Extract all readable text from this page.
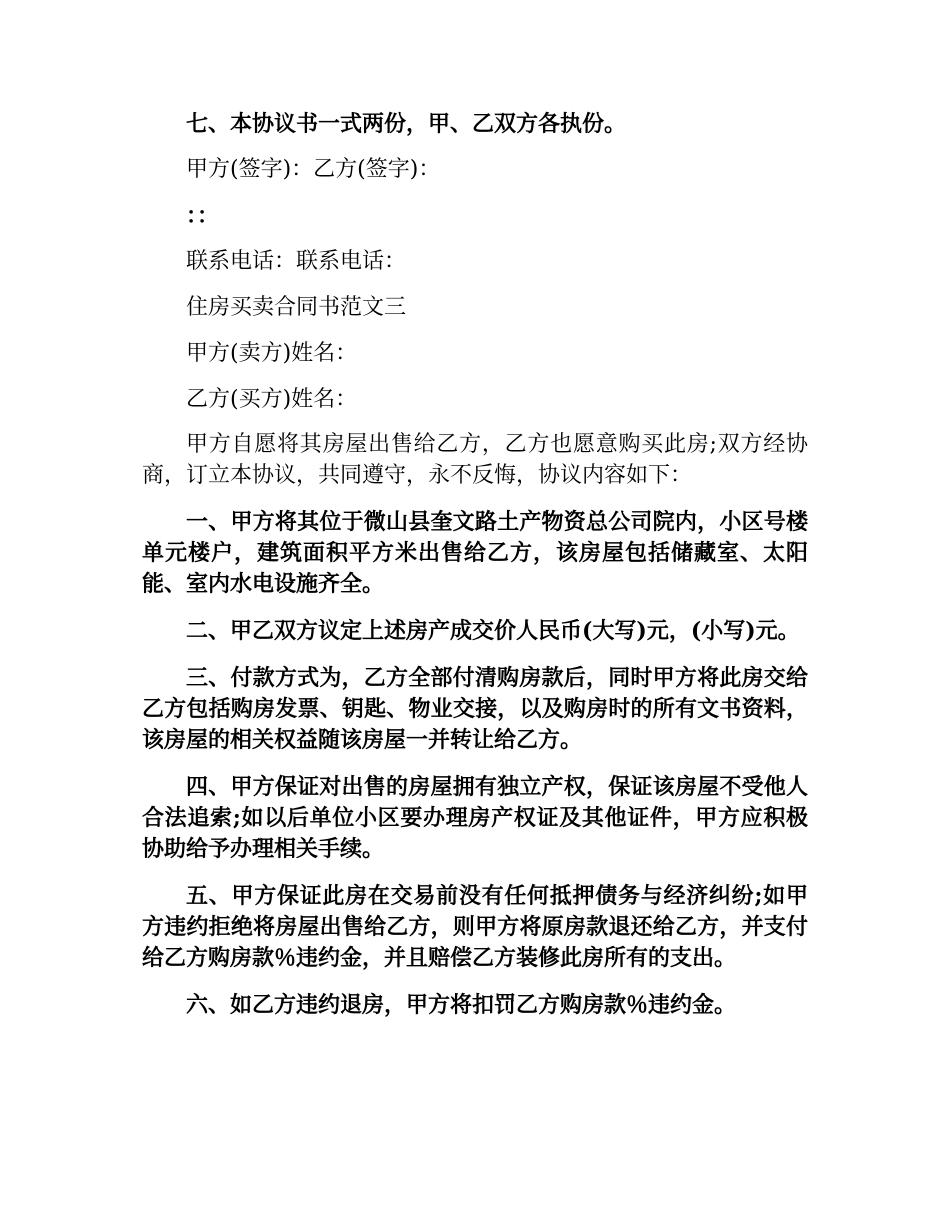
七、本协议书一式两份，甲、乙双方各执份。

甲方(签字)：乙方(签字)：

：：

联系电话：联系电话：

住房买卖合同书范文三

甲方(卖方)姓名：

乙方(买方)姓名：

甲方自愿将其房屋出售给乙方，乙方也愿意购买此房;双方经协商，订立本协议，共同遵守，永不反悔，协议内容如下：

一、甲方将其位于微山县奎文路土产物资总公司院内，小区号楼单元楼户，建筑面积平方米出售给乙方，该房屋包括储藏室、太阳能、室内水电设施齐全。

二、甲乙双方议定上述房产成交价人民币(大写)元，(小写)元。

三、付款方式为，乙方全部付清购房款后，同时甲方将此房交给乙方包括购房发票、钥匙、物业交接，以及购房时的所有文书资料，该房屋的相关权益随该房屋一并转让给乙方。

四、甲方保证对出售的房屋拥有独立产权，保证该房屋不受他人合法追索;如以后单位小区要办理房产权证及其他证件，甲方应积极协助给予办理相关手续。

五、甲方保证此房在交易前没有任何抵押债务与经济纠纷;如甲方违约拒绝将房屋出售给乙方，则甲方将原房款退还给乙方，并支付给乙方购房款％违约金，并且赔偿乙方装修此房所有的支出。

六、如乙方违约退房，甲方将扣罚乙方购房款％违约金。
